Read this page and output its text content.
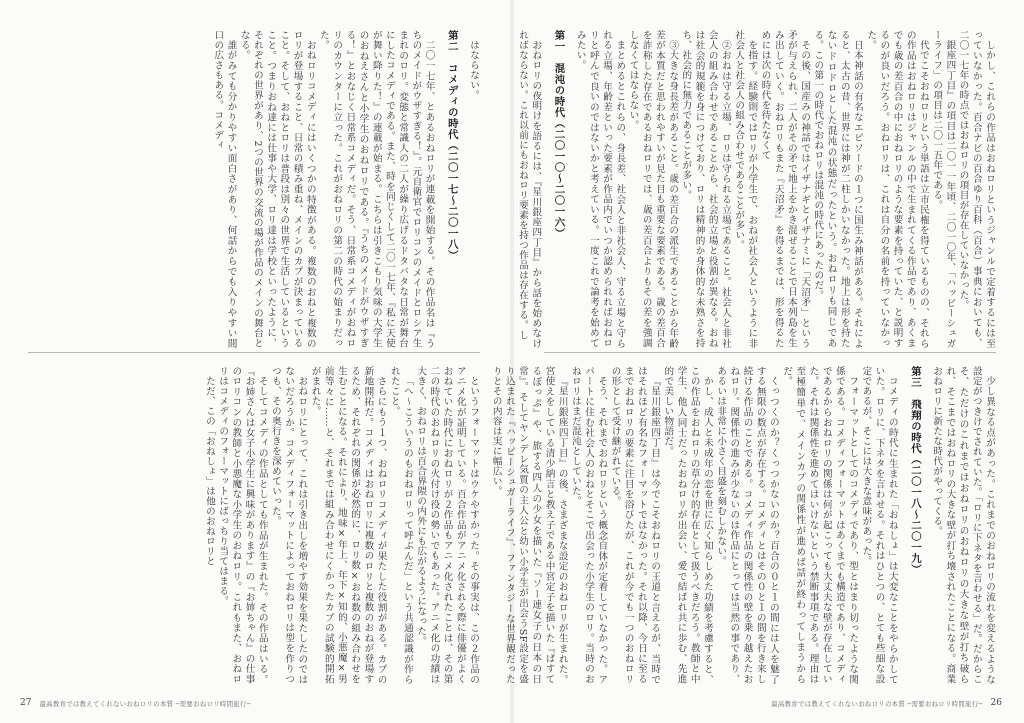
はならない。

第二　コメディの時代（二〇一七～二〇一八）

二〇一七年、とあるおねロリが連載を開始する。その作品名は『うちのメイドがウザすぎる！』。元自衛官でロリコンのメイドとロシア生まれのロリ。変態と常識人の二人が繰り広げるドタバタな日常が舞台にしたコメディである。また、時を同じくして二〇一七年、『私に天使が舞い降りた！』の連載が始まる。こちらは引きこもり気味の大学生のおねえさんと小学生のおねロリである。『うちのメイドがウザすぎる！』とおなじく日常系コメディだ。そう、日常系コメディがおねロリのカウンターに立った。これがおねロリの第二の時代の始まりだった。

おねロリコメディにはいくつかの特徴がある。複数のおねと複数のロリが登場すること、日常の積み重ね、メインのカプが決まっていること。そして、おねとロリは普段は別々の世界で生活しているということ。つまりおね達には仕事や大学、ロリ達は学校といったように、それぞれの世界があり、2つの世界の交流の場が作品のメインの舞台となる。

誰がみても分かりやすい面白さがあり、何話からでも入りやすい間口の広さもある。コメディ

というフォーマットはウケやすかった。その事実は、この２作品のアニメ化が証明している。百合作品がアニメ化される際に俳優がよくおねていた時代におねロリが２作品もアニメ化されたことは、その第二の時代のおねロリの火付け役の勢いでもあった。アニメ化の功績は大きく、おねロリは百合界隈の内外にも広がるようになった。

「へ〜こういうのもおねロリって呼ぶんだ」という共通認識が作られたこと。

さらにもう１つ、おねロリコメディが果たした役割がある。カプの新地開拓だ。コメディはおねロリに複数のロリと複数のおねが登場するため、それぞれの関係が必然的に、ロリ数×おね数の組み合わせを生むことになる。それにより、地味×年上、年下×知的、小悪魔×男前等々に……と、それまでは組み合わせにくかったカプの試験的開拓がまれた。

おねロリにとって、これは引き出しを増やす効果を果たしたのではないだろうか。コメディフォーマットによっておねロリは型を作りつつも、その奥行きを深めていった。

そしてコメディの作品としても作品が生まれた。その作品はいる。『お姉さんは女子小学生に興味があります』の『お姉ちゃん』の仕事のロリコンの教師と小悪魔な小学生のおねロリ。これもまた、おねロリはコメディのフォーマットにばっちり当てはまる。

ただ、この「おねしょ」は他のおねロリと

27 最高教育では教えてくれないおねロリの本質 ─需要おねロリ時間旅行─

しかし、これらの作品はおねロリというジャンルで定着するには至っていなかった。百合ナビの百合ゆり百科（百合）事典においても、二〇一七年の時点ではおねロリの項目が存在していなかった。

銀座四丁目』の項目は二〇一一年頃、二〇一〇年、「ハッピーシュガーライフ」の項目は二〇一五年である。

代でこそおねロリという単語は立市民権を得ているものの、それらの作品はおねロリはジャンルの中で生まれてくる作品であり、あくまでも歳の差百合の中におねロリのような要素を持っていた、と説明するのが良いだろう。おねロリは、これは自分の名前を持っていなかった。

日本神話の有名なエピソードの１つに国生み神話がある。それによると、太古の昔、世界には神が二柱しかいなかった。地上は形を持たないドロドロとした混沌の状態だったという。おねロリも同じである。この第一の時代でおねロリは混沌の時代にあったのだ。

その後、国産みの神話ではイザナギとイザナミに「天沼矛」という矛が与えられ、二人がその矛で地上をかき混ぜることで日本列島を生み出していく。おねロリもまた『天沼矛』を得るまでは、形を得るためには次の時代を待たなくて

を指す。経験則ではロリが小学生で、おねが社会人というように非社会人と社会人の組み合わせであることが多い。

②おねは守る立場、ロリは守られる立場であること。社会人と非社会人の組み合わせであることから、社会的立場と役割が異なる。おねは社会的規範を身につけており、ロリは精神的か身体的な未熟さを持ち、社会的に無力であることが多い。

③大きな身長差があること。歳の差百合の派生であることから年齢差が本質だと思われやすいが見た目も重要な要素である。歳の差百合を詐称した存在であるおねロリでは、歳の差百合よりもその差を強調しなくてはならない。

まとめるとこれらの、身長差、社会人と非社会人、守る立場と守られる立場、年齢差といった要素が作品内でいつか認められればおねロリと呼んで良いのではないかと考えている。一度これで論考を始めてみたい。

第一　混沌の時代（二〇一〇～二〇一六）

おねロリの夜明けを語るには、『星川銀座四丁目』から話を始めなければならない。これ以前にもおねロリ要素を持つ作品は存在する。し

少し異なる点があった。これまでのおねロリの流れを変えるような設定がつきけでされていた。「ロリに下ネタを言わせる」だ。だからこそ、ただけのこれまではおねロリのおねロリの大きな壁が打ち破られ、そこまではおねロリの大きな壁が打ち壊されたことになる。商業おねロリに新たな時代がやってくる。

第三　飛翔の時代（二〇一八～二〇一九）

コメディの時代に生まれた「おねしょ」は大変なことをやらかしていた。ロリに、下ネタを言わせる。それはひとつの、とても些細な設定であるが、そこには大きな意味があった。

フォーマットとしてのコメディであり、型とはまり切ったような関係である。コメディフォーマットはあくまでも構造であり、コメディであるからおねロリの関係は何が起こっても大丈夫な壁が存在していた。それは関係性を進めてはいけないという禁断事項である。理由は至極簡単で、メインカプの関係性が進めば話が終わってしまうからだ。

くっつくのか？くっつかないのか？百合の０と１の間には人を魅了する無限の数点が存在する。コメディとはその０と１の間を行き来し続ける作品のことである。コメディ作品の関係性の壁を乗り越えたおねロリ。関係性の進みが少ないのは作品にとっては当然の事であり、あるいは非常に小さく目盛を刻むしかない。

かし、成人と未成年の恋を世に広く知らしめた功績を考慮すると、この作品をおねロリの草分け的存在として扱うべきだろう。教師と中学生、他人同士だったおねロリが出会い、愛で結ばれ共に歩む、先進的で美しい物語だ。

『星川銀座四丁目』は今でこそおねロリの王道と言えるが、当時ではそれほど有名なフォーマットではなかった。それ以降、今日に至るまでおねロリの要素に注目を浴びたが、これが今でも一つのおねロリの形として受け継がれている。

そう、それまでおねロリという概念自体が定着していなかった。アパートに住む社会人のおねとそこで出会った小学生のロリ。当時のおねロリはまだ混沌としていた。

『星川銀座四丁目』の後、さまざまな設定のおねロリが生まれた。宮使えをしている清少納言と教え子である中宮定子を描いた『ぱすてるぽっぷ』や、旅する四人の少女を描いた『ソー連女子の日本の日常』。そしてヤンデレ気質の主人公と幼い小学生が出会うSF設定を盛り込まれた『ハッピーシュガーライフ』、ファンタジーな世界観だったりとその内容は実に幅広い。

26
最高教育では教えてくれないおねロリの本質 ─需要おねロリ時間旅行─
